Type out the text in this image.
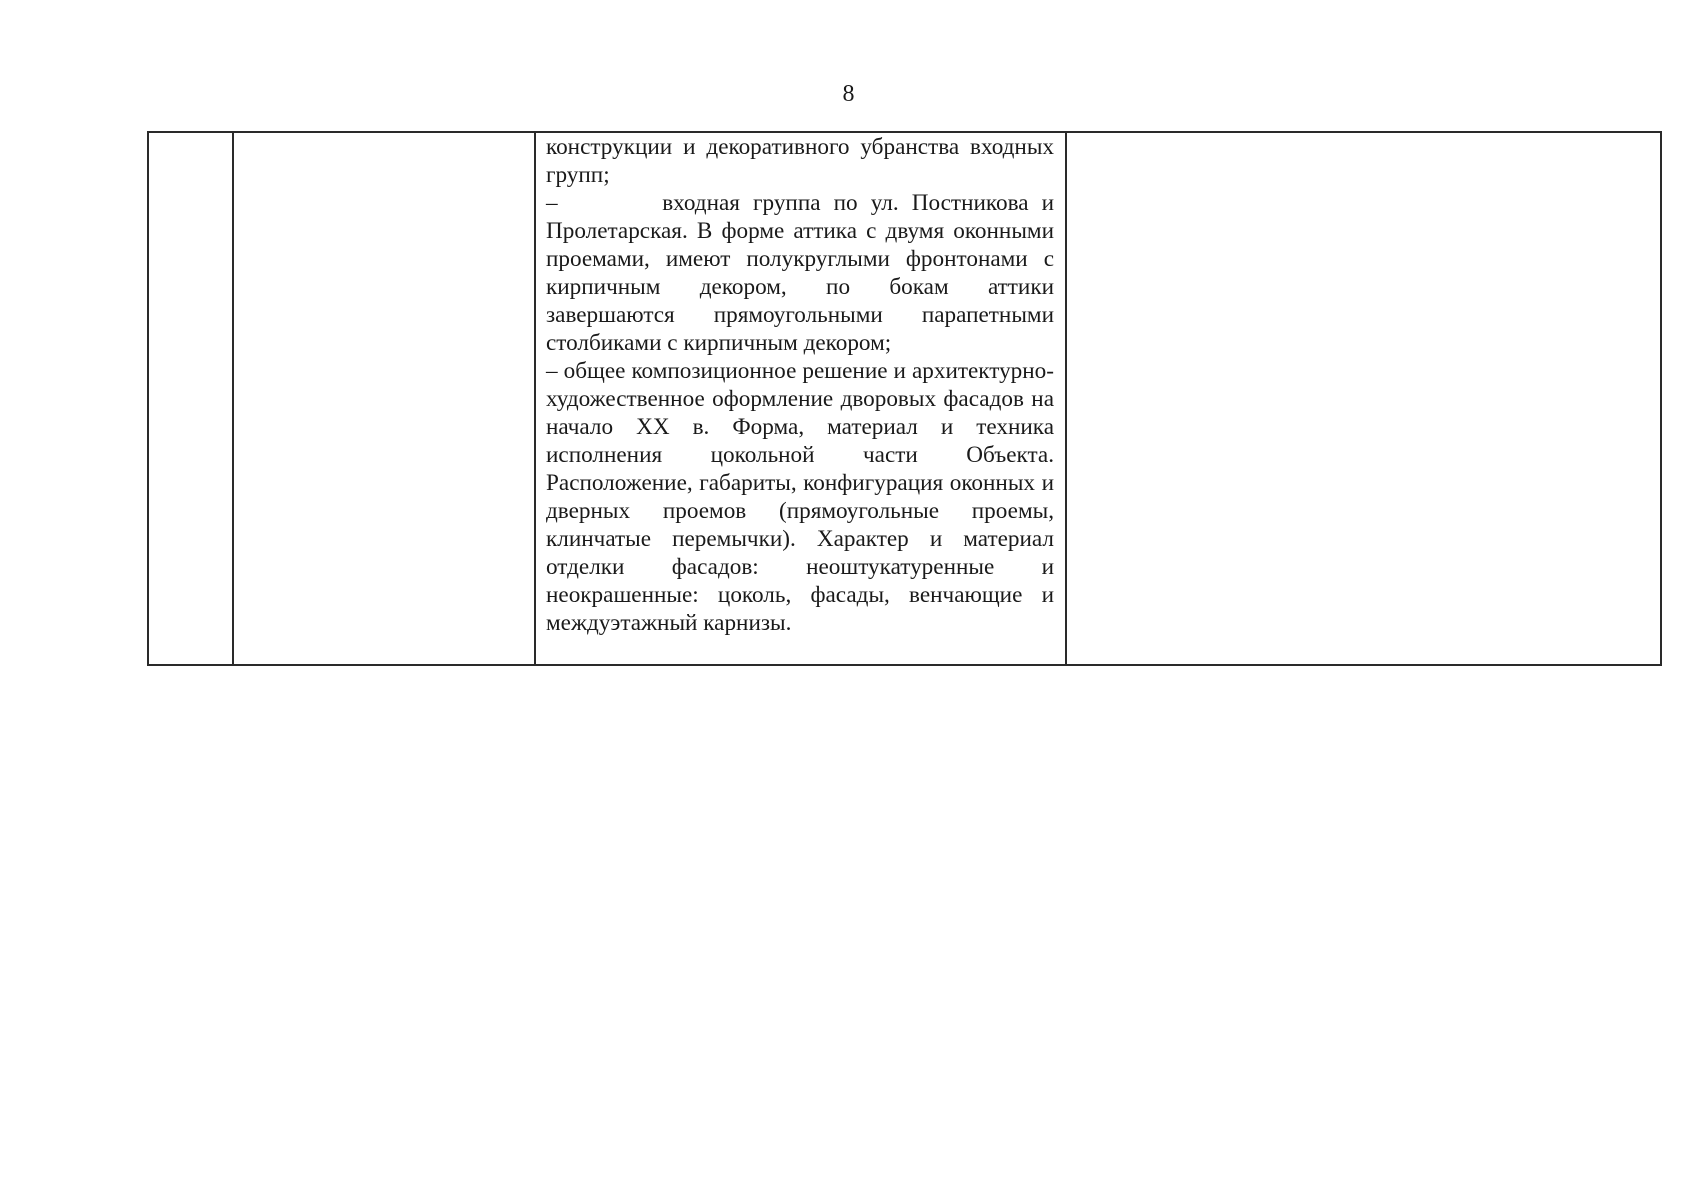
8

конструкции и декоративного убранства входных групп;

–        входная группа по ул. Постникова и Пролетарская. В форме аттика с двумя оконными проемами, имеют полукруглыми фронтонами с кирпичным декором, по бокам аттики завершаются прямоугольными парапетными столбиками с кирпичным декором;

– общее композиционное решение и архитектурно-художественное оформление дворовых фасадов на начало XX в. Форма, материал и техника исполнения цокольной части Объекта. Расположение, габариты, конфигурация оконных и дверных проемов (прямоугольные проемы, клинчатые перемычки). Характер и материал отделки фасадов: неоштукатуренные и неокрашенные: цоколь, фасады, венчающие и междуэтажный карнизы.
